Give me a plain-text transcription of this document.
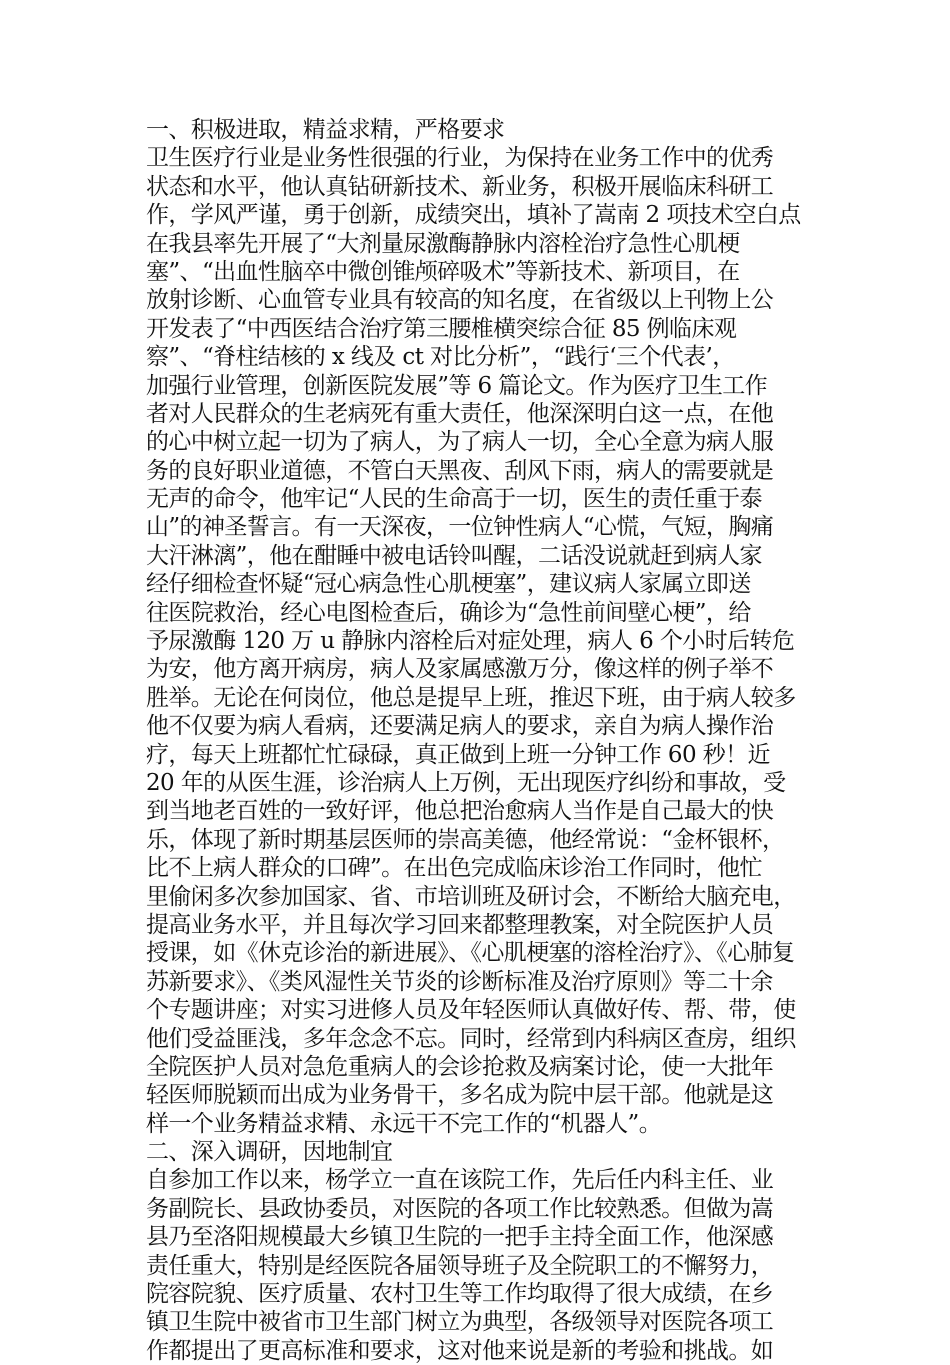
一、积极进取，精益求精，严格要求
卫生医疗行业是业务性很强的行业，为保持在业务工作中的优秀
状态和水平，他认真钻研新技术、新业务，积极开展临床科研工
作，学风严谨，勇于创新，成绩突出，填补了嵩南 2 项技术空白点
在我县率先开展了“大剂量尿激酶静脉内溶栓治疗急性心肌梗
塞”、“出血性脑卒中微创锥颅碎吸术”等新技术、新项目，在
放射诊断、心血管专业具有较高的知名度，在省级以上刊物上公
开发表了“中西医结合治疗第三腰椎横突综合征 85 例临床观
察”、“脊柱结核的 x 线及 ct 对比分析”，“践行‘三个代表’，
加强行业管理，创新医院发展”等 6 篇论文。作为医疗卫生工作
者对人民群众的生老病死有重大责任，他深深明白这一点，在他
的心中树立起一切为了病人，为了病人一切，全心全意为病人服
务的良好职业道德，不管白天黑夜、刮风下雨，病人的需要就是
无声的命令，他牢记“人民的生命高于一切，医生的责任重于泰
山”的神圣誓言。有一天深夜，一位钟性病人“心慌，气短，胸痛
大汗淋漓”，他在酣睡中被电话铃叫醒，二话没说就赶到病人家
经仔细检查怀疑“冠心病急性心肌梗塞”，建议病人家属立即送
往医院救治，经心电图检查后，确诊为“急性前间壁心梗”，给
予尿激酶 120 万 u 静脉内溶栓后对症处理，病人 6 个小时后转危
为安，他方离开病房，病人及家属感激万分，像这样的例子举不
胜举。无论在何岗位，他总是提早上班，推迟下班，由于病人较多
他不仅要为病人看病，还要满足病人的要求，亲自为病人操作治
疗，每天上班都忙忙碌碌，真正做到上班一分钟工作 60 秒！近
20 年的从医生涯，诊治病人上万例，无出现医疗纠纷和事故，受
到当地老百姓的一致好评，他总把治愈病人当作是自己最大的快
乐，体现了新时期基层医师的崇高美德，他经常说：“金杯银杯，
比不上病人群众的口碑”。在出色完成临床诊治工作同时，他忙
里偷闲多次参加国家、省、市培训班及研讨会，不断给大脑充电，
提高业务水平，并且每次学习回来都整理教案，对全院医护人员
授课，如《休克诊治的新进展》、《心肌梗塞的溶栓治疗》、《心肺复
苏新要求》、《类风湿性关节炎的诊断标准及治疗原则》等二十余
个专题讲座；对实习进修人员及年轻医师认真做好传、帮、带，使
他们受益匪浅，多年念念不忘。同时，经常到内科病区查房，组织
全院医护人员对急危重病人的会诊抢救及病案讨论，使一大批年
轻医师脱颖而出成为业务骨干，多名成为院中层干部。他就是这
样一个业务精益求精、永远干不完工作的“机器人”。
二、深入调研，因地制宜
自参加工作以来，杨学立一直在该院工作，先后任内科主任、业
务副院长、县政协委员，对医院的各项工作比较熟悉。但做为嵩
县乃至洛阳规模最大乡镇卫生院的一把手主持全面工作，他深感
责任重大，特别是经医院各届领导班子及全院职工的不懈努力，
院容院貌、医疗质量、农村卫生等工作均取得了很大成绩，在乡
镇卫生院中被省市卫生部门树立为典型，各级领导对医院各项工
作都提出了更高标准和要求，这对他来说是新的考验和挑战。如
